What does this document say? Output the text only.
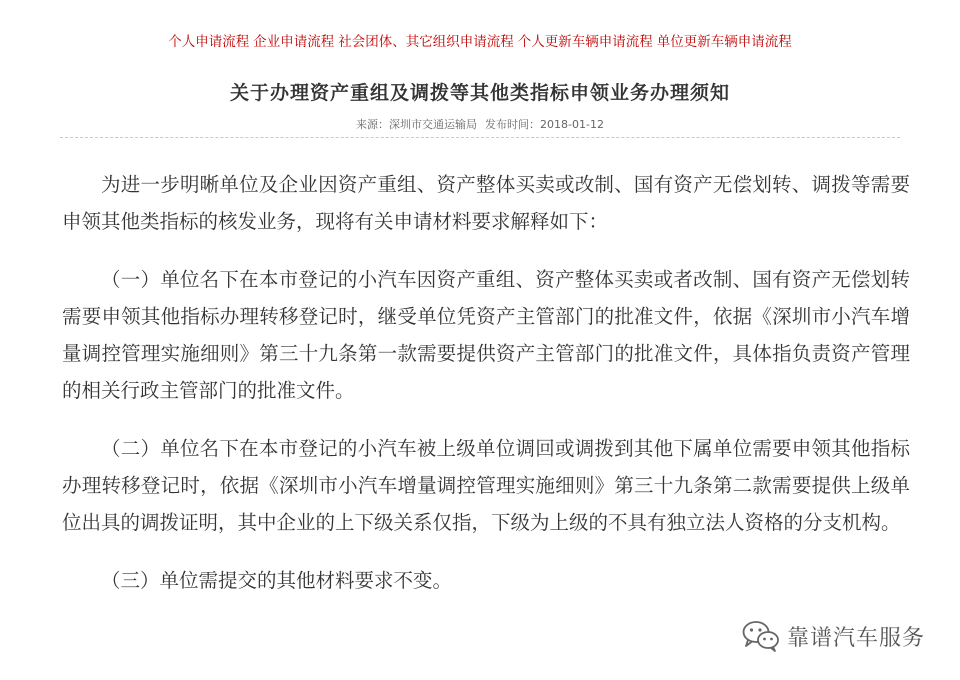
个人申请流程 企业申请流程 社会团体、其它组织申请流程 个人更新车辆申请流程 单位更新车辆申请流程
关于办理资产重组及调拨等其他类指标申领业务办理须知
来源：深圳市交通运输局 发布时间：2018-01-12

为进一步明晰单位及企业因资产重组、资产整体买卖或改制、国有资产无偿划转、调拨等需要申领其他类指标的核发业务，现将有关申请材料要求解释如下：

（一）单位名下在本市登记的小汽车因资产重组、资产整体买卖或者改制、国有资产无偿划转需要申领其他指标办理转移登记时，继受单位凭资产主管部门的批准文件，依据《深圳市小汽车增量调控管理实施细则》第三十九条第一款需要提供资产主管部门的批准文件，具体指负责资产管理的相关行政主管部门的批准文件。

（二）单位名下在本市登记的小汽车被上级单位调回或调拨到其他下属单位需要申领其他指标办理转移登记时，依据《深圳市小汽车增量调控管理实施细则》第三十九条第二款需要提供上级单位出具的调拨证明，其中企业的上下级关系仅指，下级为上级的不具有独立法人资格的分支机构。

（三）单位需提交的其他材料要求不变。

靠谱汽车服务
